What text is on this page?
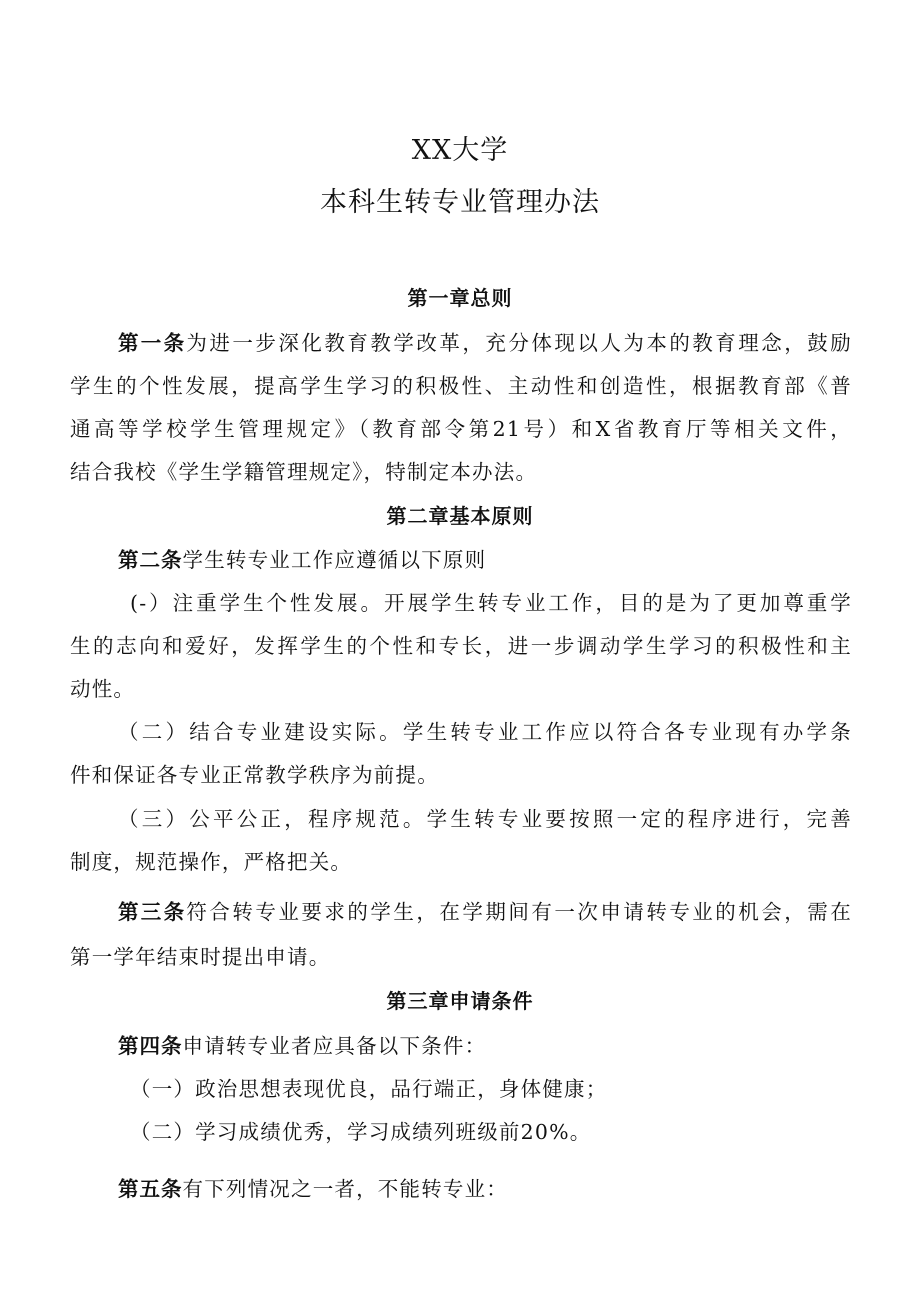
XX大学
本科生转专业管理办法
第一章总则
第一条为进一步深化教育教学改革，充分体现以人为本的教育理念，鼓励
学生的个性发展，提高学生学习的积极性、主动性和创造性，根据教育部《普
通高等学校学生管理规定》（教育部令第21号）和X省教育厅等相关文件，
结合我校《学生学籍管理规定》，特制定本办法。
第二章基本原则
第二条学生转专业工作应遵循以下原则
(-）注重学生个性发展。开展学生转专业工作，目的是为了更加尊重学
生的志向和爱好，发挥学生的个性和专长，进一步调动学生学习的积极性和主
动性。
（二）结合专业建设实际。学生转专业工作应以符合各专业现有办学条
件和保证各专业正常教学秩序为前提。
（三）公平公正，程序规范。学生转专业要按照一定的程序进行，完善
制度，规范操作，严格把关。
第三条符合转专业要求的学生，在学期间有一次申请转专业的机会，需在
第一学年结束时提出申请。
第三章申请条件
第四条申请转专业者应具备以下条件：
（一）政治思想表现优良，品行端正，身体健康；
（二）学习成绩优秀，学习成绩列班级前20%。
第五条有下列情况之一者，不能转专业：
